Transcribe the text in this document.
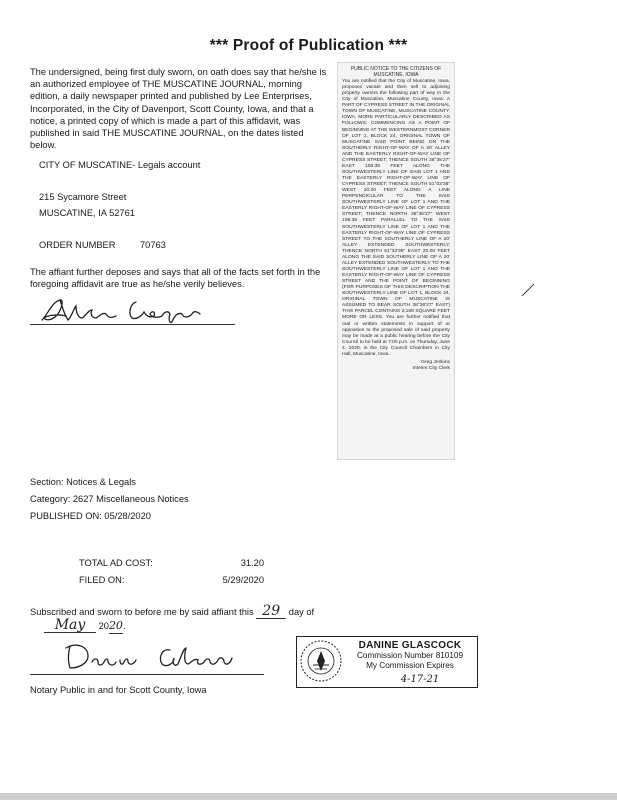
*** Proof of Publication ***
The undersigned, being first duly sworn, on oath does say that he/she is an authorized employee of THE MUSCATINE JOURNAL, morning edition, a daily newspaper printed and published by Lee Enterprises, Incorporated, in the City of Davenport, Scott County, Iowa, and that a notice, a printed copy of which is made a part of this affidavit, was published in said THE MUSCATINE JOURNAL, on the dates listed below.
CITY OF MUSCATINE- Legals account
215 Sycamore Street
MUSCATINE, IA 52761
ORDER NUMBER	70763
The affiant further deposes and says that all of the facts set forth in the foregoing affidavit are true as he/she verily believes.
PUBLIC NOTICE TO THE CITIZENS OF MUSCATINE, IOWA
You are notified that the City of Muscatine, Iowa, proposes vacate and then sell to adjoining property owners the following part of way in the City of Muscatine, Muscatine County, Iowa: A PART OF CYPRESS STREET IN THE ORIGINAL TOWN OF MUSCATINE, MUSCATINE COUNTY, IOWA, MORE PARTICULARLY DESCRIBED AS FOLLOWS: COMMENCING AS A POINT OF BEGINNING AT THE WESTERNMOST CORNER OF LOT 1, BLOCK 24, ORIGINAL TOWN OF MUSCATINE SAID POINT BEING ON THE SOUTHERLY RIGHT-OF-WAY OF A 20' ALLEY AND THE EASTERLY RIGHT-OF-WAY LINE OF CYPRESS STREET; THENCE SOUTH 38°35'27" EAST 108.38 FEET ALONG THE SOUTHWESTERLY LINE OF SAID LOT 1 AND THE EASTERLY RIGHT-OF-WAY LINE OF CYPRESS STREET; THENCE SOUTH 51°03'38" WEST 20.00 FEET ALONG A LINE PERPENDICULAR TO THE SAID SOUTHWESTERLY LINE OF LOT 1 AND THE EASTERLY RIGHT-OF-WAY LINE OF CYPRESS STREET; THENCE NORTH 38°36'27" WEST 108.38 FEET PARALLEL TO THE SAID SOUTHWESTERLY LINE OF LOT 1 AND THE EASTERLY RIGHT-OF-WAY LINE OF CYPRESS STREET TO THE SOUTHERLY LINE OF A 20' ALLEY EXTENDED SOUTHWESTERLY; THENCE NORTH 51°33'38" EAST 20.00 FEET ALONG THE SAID SOUTHERLY LINE OF A 20' ALLEY EXTENDED SOUTHWESTERLY TO THE SOUTHWESTERLY LINE OF LOT 1 AND THE EASTERLY RIGHT-OF-WAY LINE OF CYPRESS STREET AND THE POINT OF BEGINNING (FOR PURPOSES OF THIS DESCRIPTION THE SOUTHWESTERLY LINE OF LOT 1, BLOCK 24, ORIGINAL TOWN OF MUSCATINE IS ASSUMED TO BEAR SOUTH 38°36'27" EAST) THIS PARCEL CONTAINS 2,168 SQUARE FEET MORE OR LESS. You are further notified that oral or written statements in support of or opposition to the proposed sale of said property may be made at a public hearing before the City Council to be held at 7:00 p.m. on Thursday, June 4, 2020, in the City Council Chambers in City Hall, Muscatine, Iowa.
Greg Jenkins
Interim City Clerk
Section: Notices & Legals
Category: 2627 Miscellaneous Notices
PUBLISHED ON: 05/28/2020
TOTAL AD COST:	31.20
FILED ON:	5/29/2020
Subscribed and sworn to before me by said affiant this 29 day of
May 2020.
Notary Public in and for Scott County, Iowa
DANINE GLASCOCK
Commission Number 810109
My Commission Expires
4-17-21
